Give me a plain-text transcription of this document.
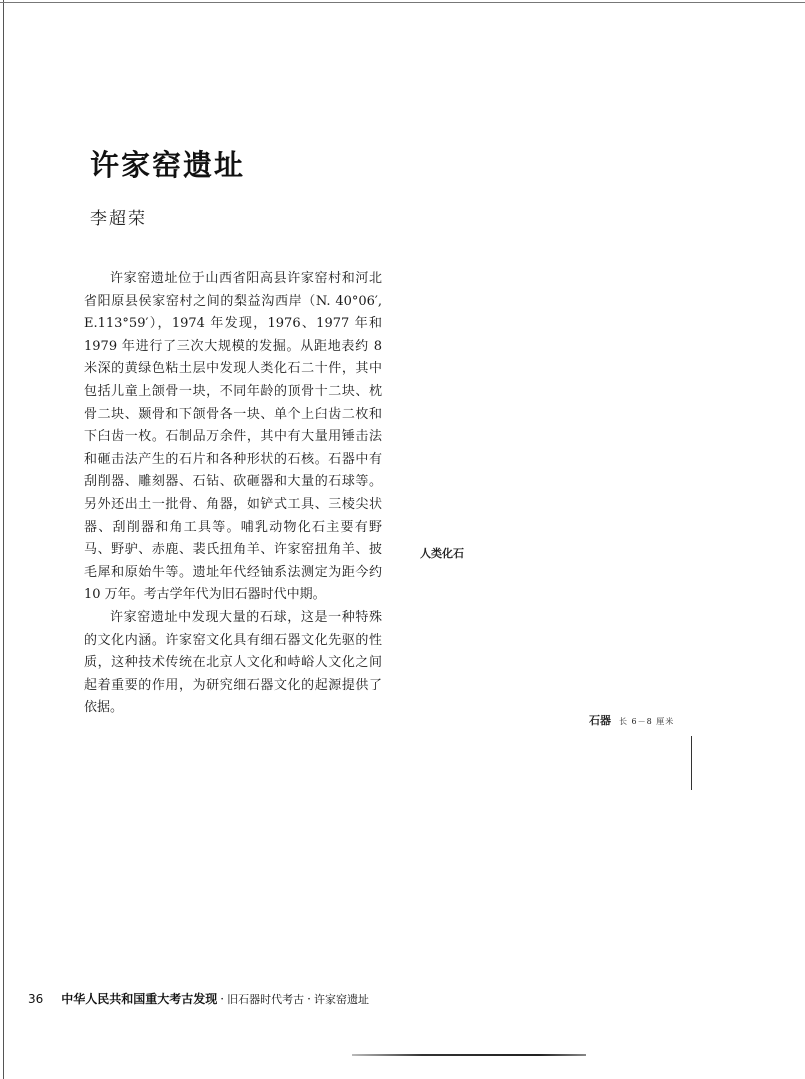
许家窑遗址
李超荣

许家窑遗址位于山西省阳高县许家窑村和河北省阳原县侯家窑村之间的梨益沟西岸（N. 40°06′, E.113°59′），1974 年发现，1976、1977 年和 1979 年进行了三次大规模的发掘。从距地表约 8 米深的黄绿色粘土层中发现人类化石二十件，其中包括儿童上颌骨一块，不同年龄的顶骨十二块、枕骨二块、颞骨和下颌骨各一块、单个上臼齿二枚和下臼齿一枚。石制品万余件，其中有大量用锤击法和砸击法产生的石片和各种形状的石核。石器中有刮削器、雕刻器、石钻、砍砸器和大量的石球等。另外还出土一批骨、角器，如铲式工具、三棱尖状器、刮削器和角工具等。哺乳动物化石主要有野马、野驴、赤鹿、裴氏扭角羊、许家窑扭角羊、披毛犀和原始牛等。遗址年代经铀系法测定为距今约 10 万年。考古学年代为旧石器时代中期。

许家窑遗址中发现大量的石球，这是一种特殊的文化内涵。许家窑文化具有细石器文化先驱的性质，这种技术传统在北京人文化和峙峪人文化之间起着重要的作用，为研究细石器文化的起源提供了依据。

人类化石
石器 长 6－8 厘米
36 中华人民共和国重大考古发现 · 旧石器时代考古 · 许家窑遗址
